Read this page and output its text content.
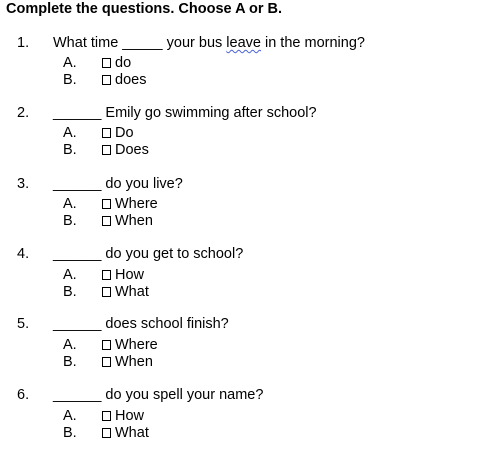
Complete the questions. Choose A or B.
1. What time _____ your bus leave in the morning?
A.	do
B.	does
2. ______ Emily go swimming after school?
A.	Do
B.	Does
3. ______ do you live?
A.	Where
B.	When
4. ______ do you get to school?
A.	How
B.	What
5. ______ does school finish?
A.	Where
B.	When
6. ______ do you spell your name?
A.	How
B.	What
